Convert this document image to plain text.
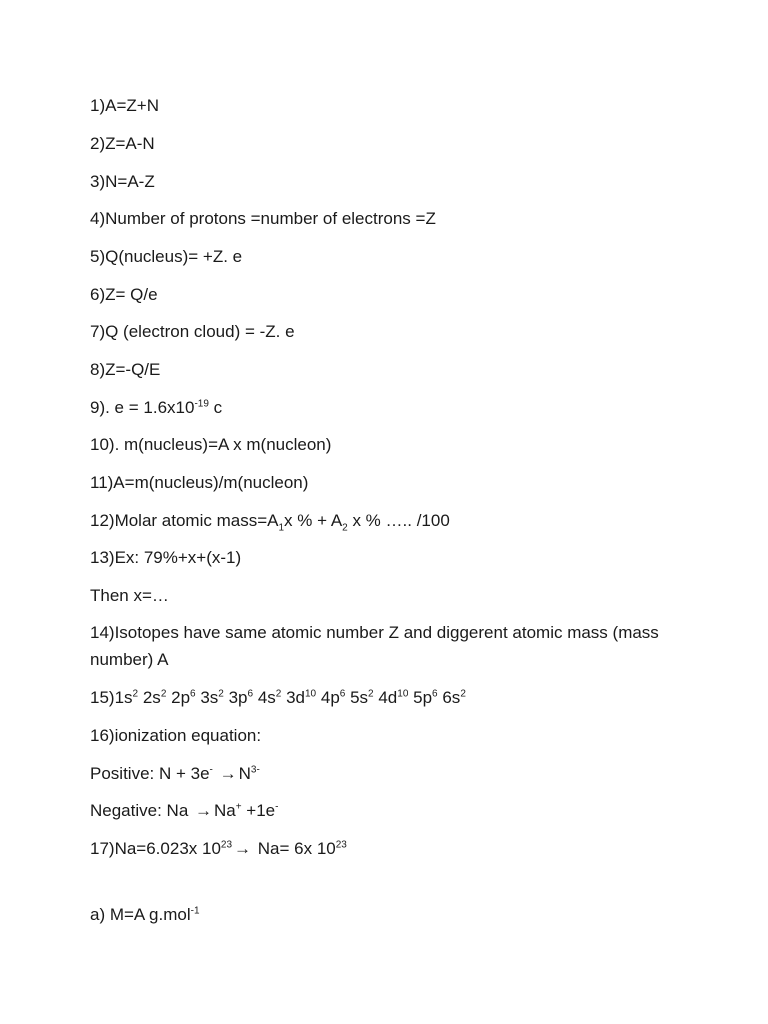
1)A=Z+N
2)Z=A-N
3)N=A-Z
4)Number of protons =number of electrons =Z
5)Q(nucleus)= +Z. e
6)Z= Q/e
7)Q (electron cloud) = -Z. e
8)Z=-Q/E
9). $e = 1.6x10^{-19}$ c
10). m(nucleus)=A x m(nucleon)
11)A=m(nucleus)/m(nucleon)
12)Molar atomic $mass=A_1x$ % + $A_2$ x % ….. /100
13)Ex: 79%+x+(x-1)
Then x=…
14)Isotopes have same atomic number Z and diggerent atomic mass (mass number) A
$15)1s^2$ $2s^2$ $2p^6$ $3s^2$ $3p^6$ $4s^2$ $3d^{10}$ $4p^6$ $5s^2$ $4d^{10}$ $5p^6$ $6s^2$
16)ionization equation:
Positive: $N + 3e^- \to N^{3-}$
Negative: Na → Na+ +1e-
17)Na=6.023x $10^{23} \to Na= 6x$ $10^{23}$
a) M=A g.mol$^{-1}$
